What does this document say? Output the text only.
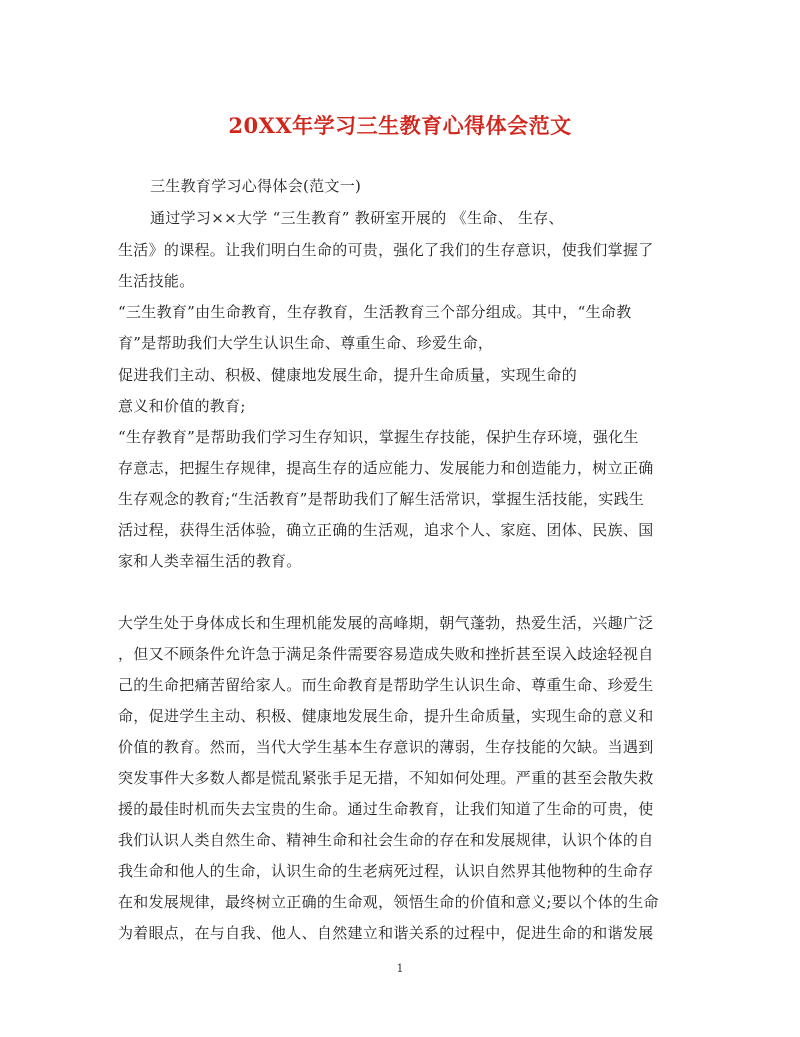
20XX年学习三生教育心得体会范文
三生教育学习心得体会(范文一)
通过学习××大学 “三生教育” 教研室开展的 《生命、 生存、
生活》的课程。让我们明白生命的可贵，强化了我们的生存意识，使我们掌握了
生活技能。
“三生教育”由生命教育，生存教育，生活教育三个部分组成。其中，“生命教
育”是帮助我们大学生认识生命、尊重生命、珍爱生命，
促进我们主动、积极、健康地发展生命，提升生命质量，实现生命的
意义和价值的教育;
“生存教育”是帮助我们学习生存知识，掌握生存技能，保护生存环境，强化生
存意志，把握生存规律，提高生存的适应能力、发展能力和创造能力，树立正确
生存观念的教育;“生活教育”是帮助我们了解生活常识，掌握生活技能，实践生
活过程，获得生活体验，确立正确的生活观，追求个人、家庭、团体、民族、国
家和人类幸福生活的教育。
大学生处于身体成长和生理机能发展的高峰期，朝气蓬勃，热爱生活，兴趣广泛
，但又不顾条件允许急于满足条件需要容易造成失败和挫折甚至误入歧途轻视自
己的生命把痛苦留给家人。而生命教育是帮助学生认识生命、尊重生命、珍爱生
命，促进学生主动、积极、健康地发展生命，提升生命质量，实现生命的意义和
价值的教育。然而，当代大学生基本生存意识的薄弱，生存技能的欠缺。当遇到
突发事件大多数人都是慌乱紧张手足无措，不知如何处理。严重的甚至会散失救
援的最佳时机而失去宝贵的生命。通过生命教育，让我们知道了生命的可贵，使
我们认识人类自然生命、精神生命和社会生命的存在和发展规律，认识个体的自
我生命和他人的生命，认识生命的生老病死过程，认识自然界其他物种的生命存
在和发展规律，最终树立正确的生命观，领悟生命的价值和意义;要以个体的生命
为着眼点，在与自我、他人、自然建立和谐关系的过程中，促进生命的和谐发展
1
